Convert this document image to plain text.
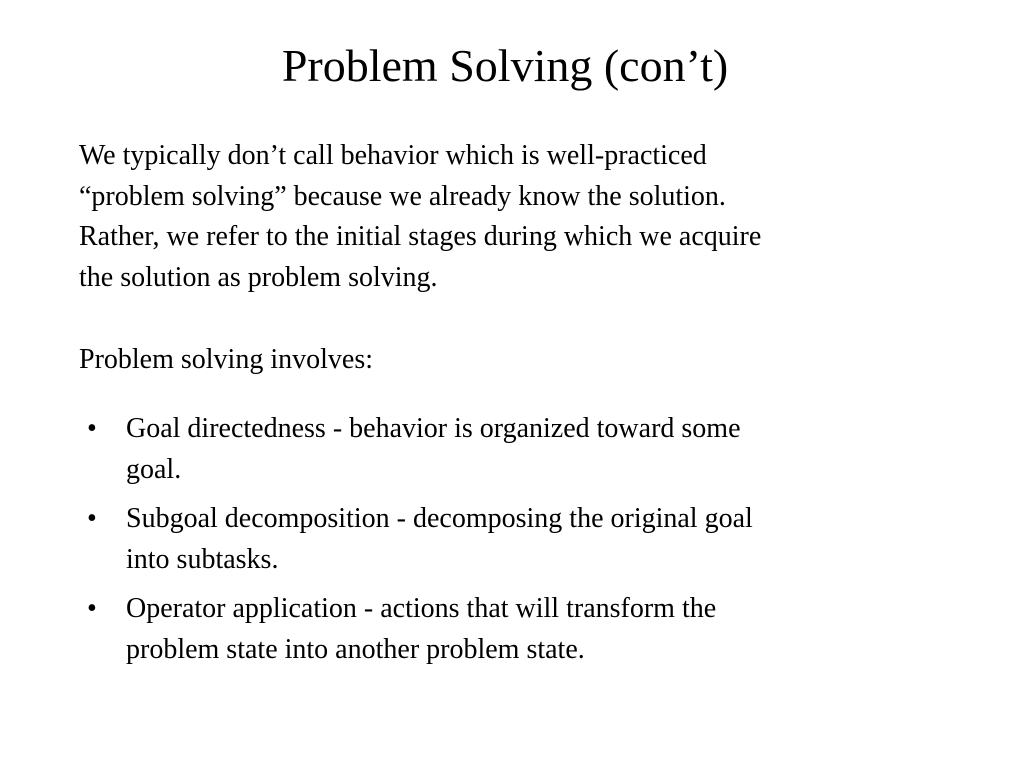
Problem Solving (con’t)
We typically don’t call behavior which is well-practiced
“problem solving” because we already know the solution.
Rather, we refer to the initial stages during which we acquire
the solution as problem solving.
Problem solving involves:
• Goal directedness - behavior is organized toward some
goal.
• Subgoal decomposition - decomposing the original goal
into subtasks.
• Operator application - actions that will transform the
problem state into another problem state.
